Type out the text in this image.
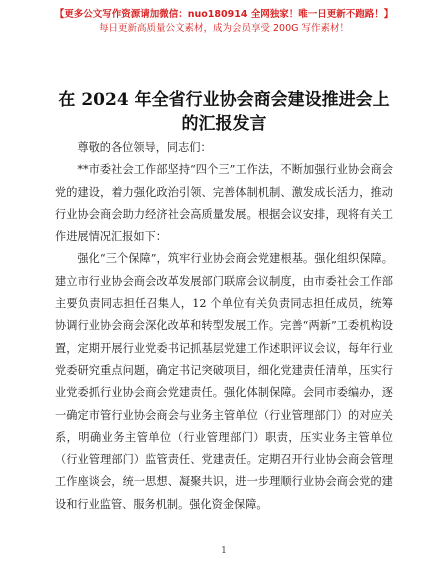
【更多公文写作资源请加微信：nuo180914 全网独家！唯一日更新不跑路！】
每日更新高质量公文素材，成为会员享受 200G 写作素材！
在 2024 年全省行业协会商会建设推进会上的汇报发言

尊敬的各位领导，同志们：

**市委社会工作部坚持“四个三”工作法，不断加强行业协会商会党的建设，着力强化政治引领、完善体制机制、激发成长活力，推动行业协会商会助力经济社会高质量发展。根据会议安排，现将有关工作进展情况汇报如下：

强化“三个保障”，筑牢行业协会商会党建根基。强化组织保障。建立市行业协会商会改革发展部门联席会议制度，由市委社会工作部主要负责同志担任召集人，12 个单位有关负责同志担任成员，统筹协调行业协会商会深化改革和转型发展工作。完善“两新”工委机构设置，定期开展行业党委书记抓基层党建工作述职评议会议，每年行业党委研究重点问题，确定书记突破项目，细化党建责任清单，压实行业党委抓行业协会商会党建责任。强化体制保障。会同市委编办，逐一确定市管行业协会商会与业务主管单位（行业管理部门）的对应关系，明确业务主管单位（行业管理部门）职责，压实业务主管单位（行业管理部门）监管责任、党建责任。定期召开行业协会商会管理工作座谈会，统一思想、凝聚共识，进一步理顺行业协会商会党的建设和行业监管、服务机制。强化资金保障。

1
